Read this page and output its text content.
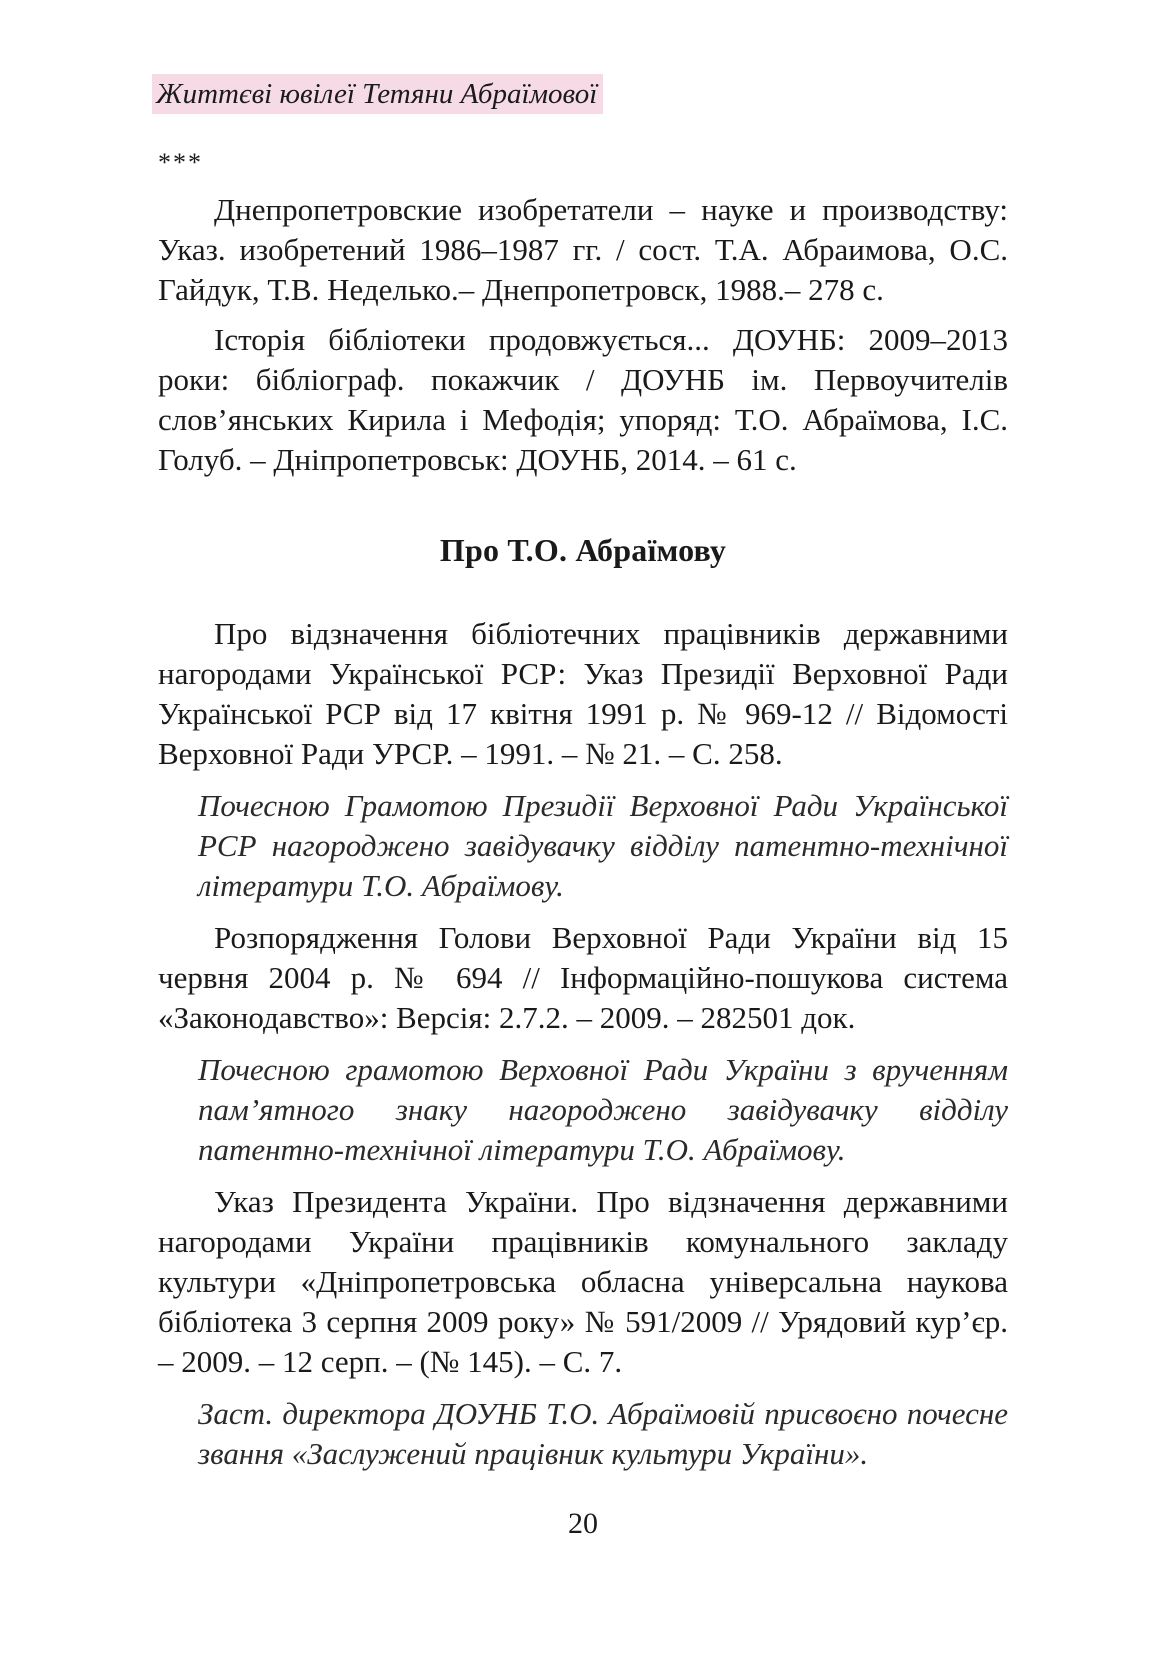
Життєві ювілеї Тетяни Абраїмової
***

Днепропетровские изобретатели – науке и производству: Указ. изобретений 1986–1987 гг. / сост. Т.А. Абраимова, О.С. Гайдук, Т.В. Неделько.– Днепропетровск, 1988.– 278 с.

Історія бібліотеки продовжується... ДОУНБ: 2009–2013 роки: бібліограф. покажчик / ДОУНБ ім. Первоучителів слов’янських Кирила і Мефодія; упоряд: Т.О. Абраїмова, І.С. Голуб. – Дніпропетровськ: ДОУНБ, 2014. – 61 с.

Про Т.О. Абраїмову

Про відзначення бібліотечних працівників державними нагородами Української РСР: Указ Президії Верховної Ради Української РСР від 17 квітня 1991 р. № 969-12 // Відомості Верховної Ради УРСР. – 1991. – № 21. – С. 258.

Почесною Грамотою Президії Верховної Ради Української РСР нагороджено завідувачку відділу патентно-технічної літератури Т.О. Абраїмову.

Розпорядження Голови Верховної Ради України від 15 червня 2004 р. № 694 // Інформаційно-пошукова система «Законодавство»: Версія: 2.7.2. – 2009. – 282501 док.

Почесною грамотою Верховної Ради України з врученням пам’ятного знаку нагороджено завідувачку відділу патентно-технічної літератури Т.О. Абраїмову.

Указ Президента України. Про відзначення державними нагородами України працівників комунального закладу культури «Дніпропетровська обласна універсальна наукова бібліотека 3 серпня 2009 року» № 591/2009 // Урядовий кур’єр. – 2009. – 12 серп. – (№ 145). – С. 7.

Заст. директора ДОУНБ Т.О. Абраїмовій присвоєно почесне звання «Заслужений працівник культури України».

20
